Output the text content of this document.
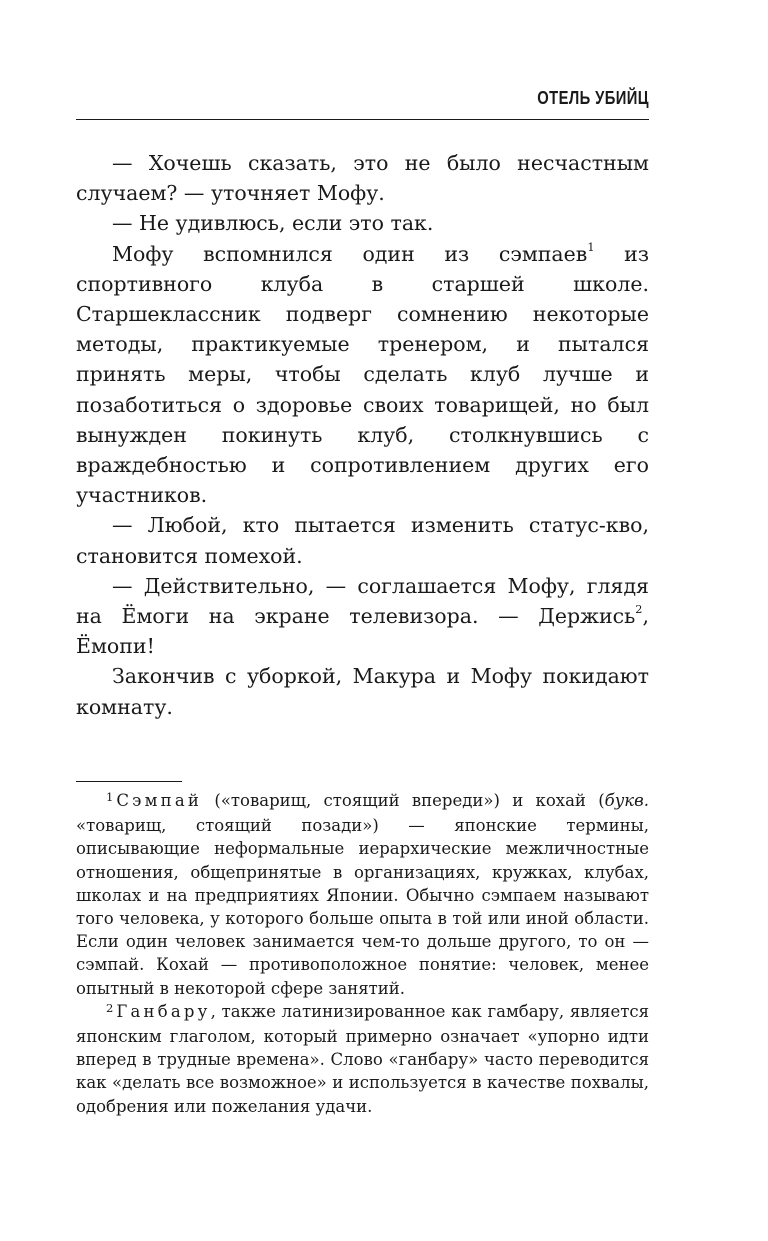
ОТЕЛЬ УБИЙЦ

— Хочешь сказать, это не было несчастным случаем? — уточняет Мофу.

— Не удивлюсь, если это так.

Мофу вспомнился один из сэмпаев$^1$ из спортивного клуба в старшей школе. Старшеклассник подверг сомнению некоторые методы, практикуемые тренером, и пытался принять меры, чтобы сделать клуб лучше и позаботиться о здоровье своих товарищей, но был вынужден покинуть клуб, столкнувшись с враждебностью и сопротивлением других его участников.

— Любой, кто пытается изменить статус-кво, становится помехой.

— Действительно, — соглашается Мофу, глядя на Ёмоги на экране телевизора. — Держись$^2$, Ёмопи!

Закончив с уборкой, Макура и Мофу покидают комнату.

$^1$ Сэмпай («товарищ, стоящий впереди») и кохай (букв. «товарищ, стоящий позади») — японские термины, описывающие неформальные иерархические межличностные отношения, общепринятые в организациях, кружках, клубах, школах и на предприятиях Японии. Обычно сэмпаем называют того человека, у которого больше опыта в той или иной области. Если один человек занимается чем-то дольше другого, то он — сэмпай. Кохай — противоположное понятие: человек, менее опытный в некоторой сфере занятий.

$^2$ Ганбару, также латинизированное как гамбару, является японским глаголом, который примерно означает «упорно идти вперед в трудные времена». Слово «ганбару» часто переводится как «делать все возможное» и используется в качестве похвалы, одобрения или пожелания удачи.
